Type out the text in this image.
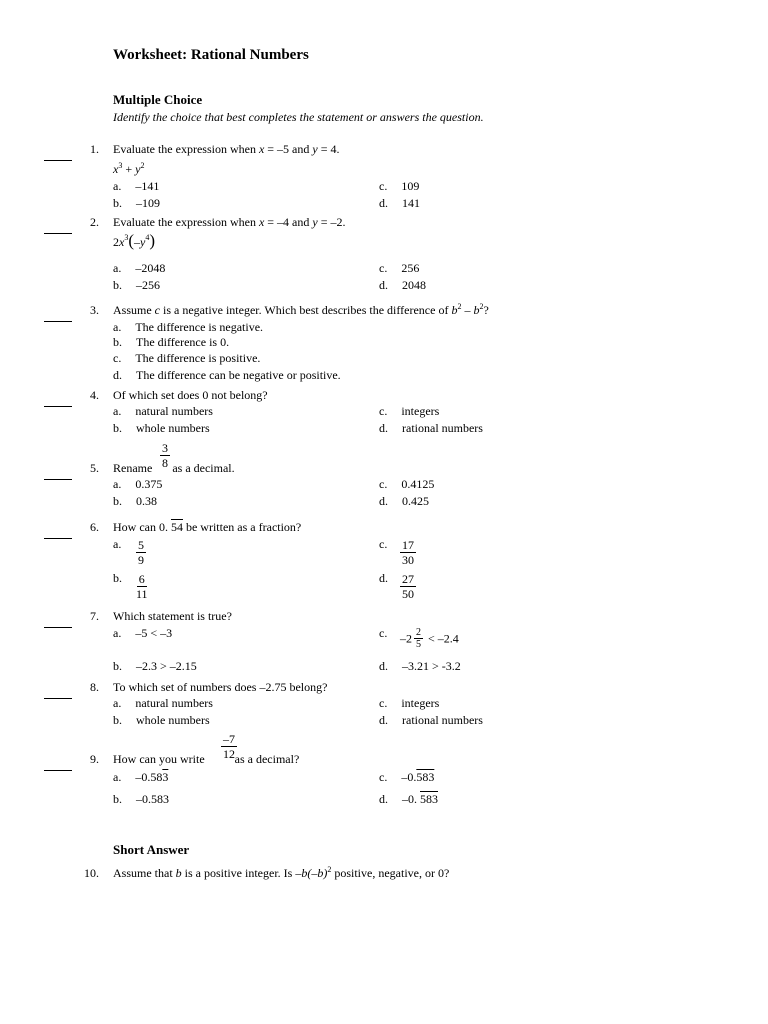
Worksheet: Rational Numbers
Multiple Choice
Identify the choice that best completes the statement or answers the question.
1. Evaluate the expression when x = –5 and y = 4.
$x^3 + y^2$
a. –141
b. –109
c. 109
d. 141
2. Evaluate the expression when x = –4 and y = –2.
$2x^3(-y^4)$
a. –2048
b. –256
c. 256
d. 2048
3. Assume c is a negative integer. Which best describes the difference of $b^2 - b^2$?
a. The difference is negative.
b. The difference is 0.
c. The difference is positive.
d. The difference can be negative or positive.
4. Of which set does 0 not belong?
a. natural numbers
b. whole numbers
c. integers
d. rational numbers
5. Rename  as a decimal.
$\frac{3}{8}$
a. 0.375
b. 0.38
c. 0.4125
d. 0.425
6. How can 0. 54 be written as a fraction?
a. $\frac{5}{9}$
b. $\frac{6}{11}$
c. $\frac{17}{30}$
d. $\frac{27}{50}$
7. Which statement is true?
a. –5 < –3
b. –2.3 > –2.15
c. $-2 \frac{2}{5} < -2.4$
d. –3.21 > -3.2
8. To which set of numbers does –2.75 belong?
a. natural numbers
b. whole numbers
c. integers
d. rational numbers
9. How can you write  as a decimal?
$\frac{-7}{12}$
a. –0.583
b. –0.583
c. –0.583
d. –0. 583
Short Answer
10. Assume that b is a positive integer. Is $-b(-b)^2$ positive, negative, or 0?
